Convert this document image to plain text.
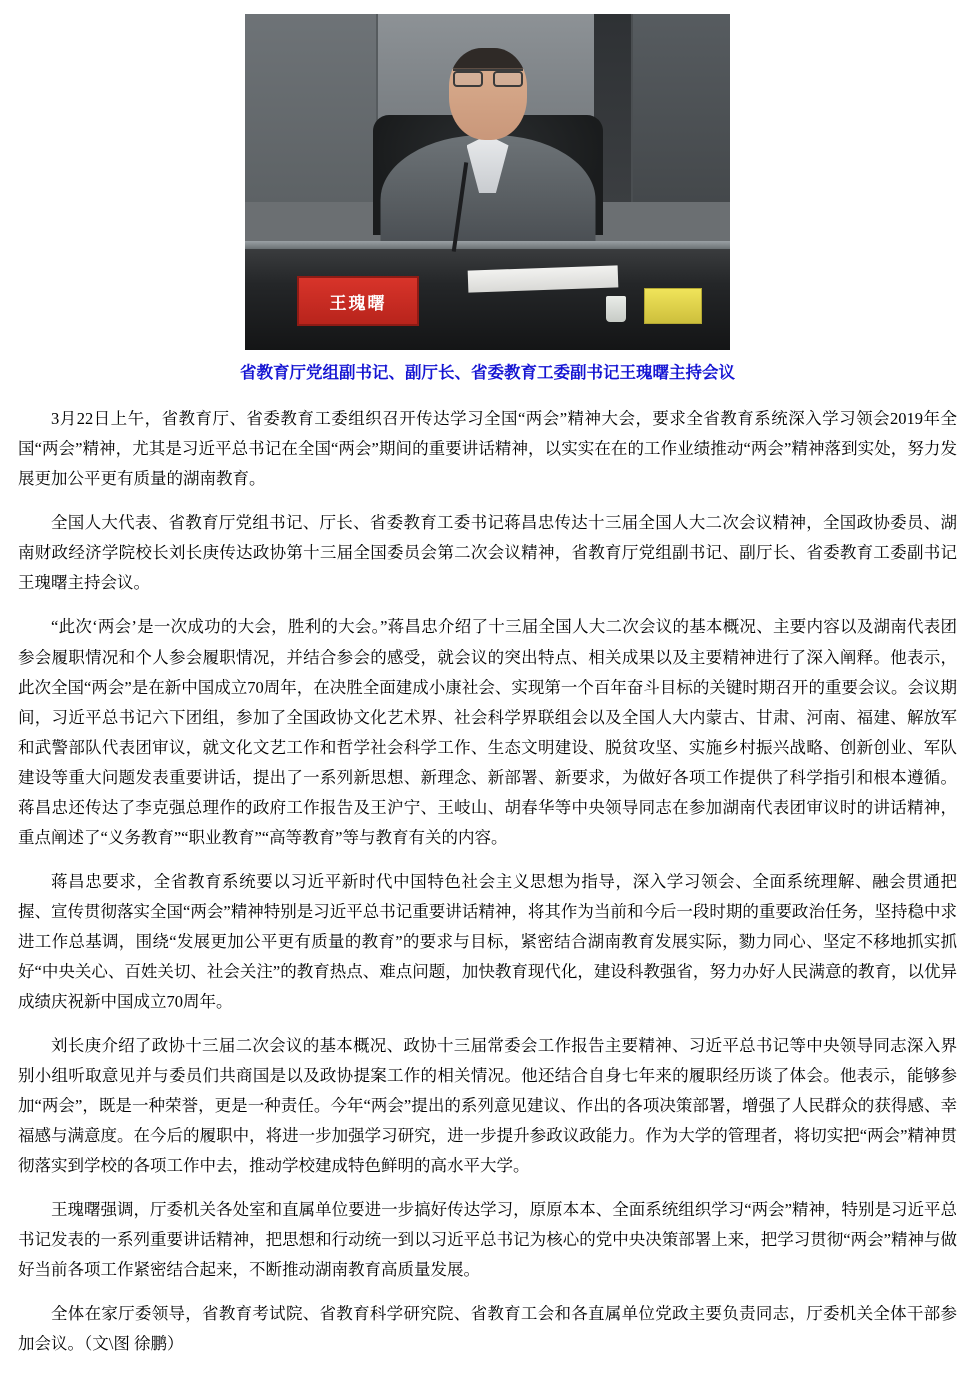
王瑰曙
省教育厅党组副书记、副厅长、省委教育工委副书记王瑰曙主持会议

3月22日上午，省教育厅、省委教育工委组织召开传达学习全国“两会”精神大会，要求全省教育系统深入学习领会2019年全国“两会”精神，尤其是习近平总书记在全国“两会”期间的重要讲话精神，以实实在在的工作业绩推动“两会”精神落到实处，努力发展更加公平更有质量的湖南教育。

全国人大代表、省教育厅党组书记、厅长、省委教育工委书记蒋昌忠传达十三届全国人大二次会议精神，全国政协委员、湖南财政经济学院校长刘长庚传达政协第十三届全国委员会第二次会议精神，省教育厅党组副书记、副厅长、省委教育工委副书记王瑰曙主持会议。

“此次‘两会’是一次成功的大会，胜利的大会。”蒋昌忠介绍了十三届全国人大二次会议的基本概况、主要内容以及湖南代表团参会履职情况和个人参会履职情况，并结合参会的感受，就会议的突出特点、相关成果以及主要精神进行了深入阐释。他表示，此次全国“两会”是在新中国成立70周年，在决胜全面建成小康社会、实现第一个百年奋斗目标的关键时期召开的重要会议。会议期间，习近平总书记六下团组，参加了全国政协文化艺术界、社会科学界联组会以及全国人大内蒙古、甘肃、河南、福建、解放军和武警部队代表团审议，就文化文艺工作和哲学社会科学工作、生态文明建设、脱贫攻坚、实施乡村振兴战略、创新创业、军队建设等重大问题发表重要讲话，提出了一系列新思想、新理念、新部署、新要求，为做好各项工作提供了科学指引和根本遵循。蒋昌忠还传达了李克强总理作的政府工作报告及王沪宁、王岐山、胡春华等中央领导同志在参加湖南代表团审议时的讲话精神，重点阐述了“义务教育”“职业教育”“高等教育”等与教育有关的内容。

蒋昌忠要求，全省教育系统要以习近平新时代中国特色社会主义思想为指导，深入学习领会、全面系统理解、融会贯通把握、宣传贯彻落实全国“两会”精神特别是习近平总书记重要讲话精神，将其作为当前和今后一段时期的重要政治任务，坚持稳中求进工作总基调，围绕“发展更加公平更有质量的教育”的要求与目标，紧密结合湖南教育发展实际，勠力同心、坚定不移地抓实抓好“中央关心、百姓关切、社会关注”的教育热点、难点问题，加快教育现代化，建设科教强省，努力办好人民满意的教育，以优异成绩庆祝新中国成立70周年。

刘长庚介绍了政协十三届二次会议的基本概况、政协十三届常委会工作报告主要精神、习近平总书记等中央领导同志深入界别小组听取意见并与委员们共商国是以及政协提案工作的相关情况。他还结合自身七年来的履职经历谈了体会。他表示，能够参加“两会”，既是一种荣誉，更是一种责任。今年“两会”提出的系列意见建议、作出的各项决策部署，增强了人民群众的获得感、幸福感与满意度。在今后的履职中，将进一步加强学习研究，进一步提升参政议政能力。作为大学的管理者，将切实把“两会”精神贯彻落实到学校的各项工作中去，推动学校建成特色鲜明的高水平大学。

王瑰曙强调，厅委机关各处室和直属单位要进一步搞好传达学习，原原本本、全面系统组织学习“两会”精神，特别是习近平总书记发表的一系列重要讲话精神，把思想和行动统一到以习近平总书记为核心的党中央决策部署上来，把学习贯彻“两会”精神与做好当前各项工作紧密结合起来，不断推动湖南教育高质量发展。

全体在家厅委领导，省教育考试院、省教育科学研究院、省教育工会和各直属单位党政主要负责同志，厅委机关全体干部参加会议。（文\图 徐鹏）
